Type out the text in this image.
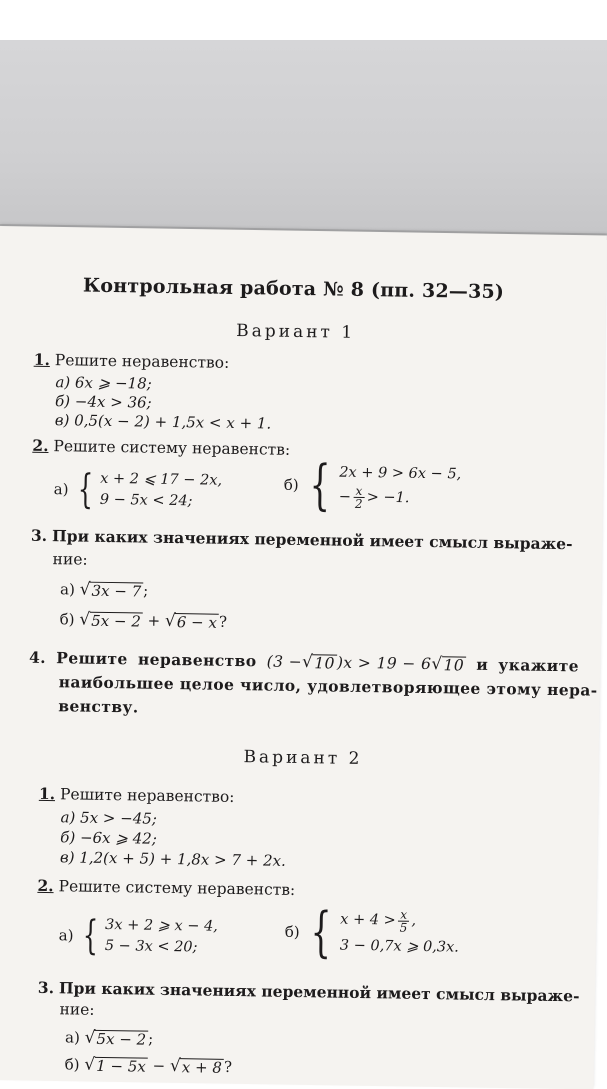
Контрольная работа № 8 (пп. 32—35)
Вариант 1
1. Решите неравенство:
а) 6x ⩾ −18;
б) −4x > 36;
в) 0,5(x − 2) + 1,5x < x + 1.
2. Решите систему неравенств:
а) { x + 2 ⩽ 17 − 2x,
9 − 5x < 24;
б) { 2x + 9 > 6x − 5,
− $\frac{x}{2} > -1$.
3. При каких значениях переменной имеет смысл выраже-
ние:
а) √ 3x − 7 ;
б) √ 5x − 2 + √ 6 − x ?
4. Решите неравенство (3 − √ 10 )x > 19 − 6 √ 10 и укажите
наибольшее целое число, удовлетворяющее этому нера-
венству.
Вариант 2
1. Решите неравенство:
а) 5x > −45;
б) −6x ⩾ 42;
в) 1,2(x + 5) + 1,8x > 7 + 2x.
2. Решите систему неравенств:
а) { 3x + 2 ⩾ x − 4,
5 − 3x < 20;
б) { $x + 4 > \frac{x}{5}$ ,
3 − 0,7x ⩾ 0,3x.
3. При каких значениях переменной имеет смысл выраже-
ние:
а) √ 5x − 2 ;
б) √ 1 − 5x − √ x + 8 ?
